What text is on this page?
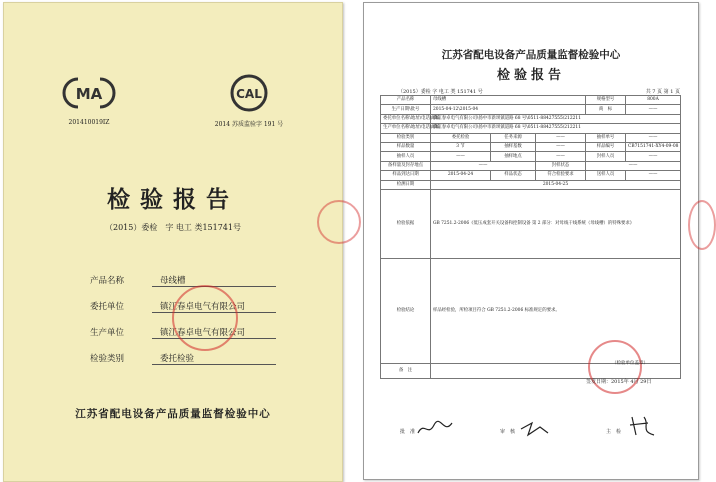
MA
201410019IZ
CAL
2014 苏质监验字 191 号
检验报告
（2015）委检　字 电工 类151741号
产品名称	母线槽
委托单位	镇江春卓电气有限公司
生产单位	镇江春卓电气有限公司
检验类别	委托检验
江苏省配电设备产品质量监督检验中心
江苏省配电设备产品质量监督检验中心
检验报告
（2015）委检 字 电工 类 151741 号	共 7 页 第 1 页
产品名称	母线槽			规格型号	800A
生产日期\批号	2015-04-12\2015-04			商　标	——
委托单位名称\地址\电话\邮编	镇江春卓电气有限公司\扬中市新坝镇道路 68 号\0511-88427555\212211				
生产单位名称\地址\电话\邮编	镇江春卓电气有限公司\扬中市新坝镇道路 68 号\0511-88427555\212211				
检验类别	委托检验	任务来源	——	抽样单号	——
样品数量	3 节	抽样基数	——	样品编号	CB7151741-XY4-09-08
抽样人员	——	抽样地点	——	封样人员	——
备样量及封存地点	——		封样状态	——	
样品到达日期	2015-04-24	样品状态	符合检验要求	送样人员	——
检测日期	2015-04-25				
检验依据	GB 7251.2-2006《低压成套开关设备和控制设备 第 2 部分：对母线干线系统（母线槽）的特殊要求》				
检验结论	样品经检验，所检项目符合 GB 7251.2-2006 标准规定的要求。				
备　注					
批　准	审　核	主　检
（检验单位盖章）
签发日期：2015年 4月 29日
